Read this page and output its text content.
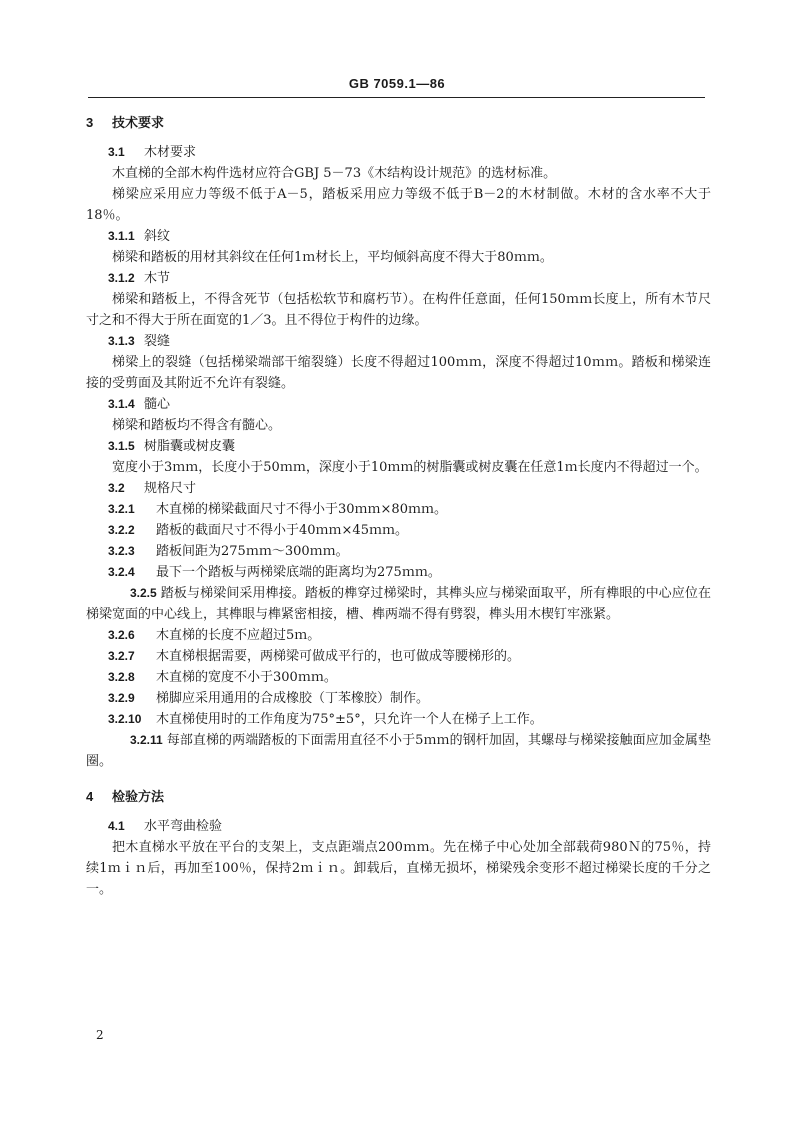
GB 7059.1—86
3 技术要求
3.1 木材要求
木直梯的全部木构件选材应符合GBJ 5－73《木结构设计规范》的选材标准。
梯梁应采用应力等级不低于A－5，踏板采用应力等级不低于B－2的木材制做。木材的含水率不大于18％。
3.1.1 斜纹
梯梁和踏板的用材其斜纹在任何1ｍ材长上，平均倾斜高度不得大于80ｍｍ。
3.1.2 木节
梯梁和踏板上，不得含死节（包括松软节和腐朽节）。在构件任意面，任何150ｍｍ长度上，所有木节尺寸之和不得大于所在面宽的1／3。且不得位于构件的边缘。
3.1.3 裂缝
梯梁上的裂缝（包括梯梁端部干缩裂缝）长度不得超过100ｍｍ，深度不得超过10ｍｍ。踏板和梯梁连接的受剪面及其附近不允许有裂缝。
3.1.4 髓心
梯梁和踏板均不得含有髓心。
3.1.5 树脂囊或树皮囊
宽度小于3ｍｍ，长度小于50ｍｍ，深度小于10ｍｍ的树脂囊或树皮囊在任意1ｍ长度内不得超过一个。
3.2 规格尺寸
3.2.1 木直梯的梯梁截面尺寸不得小于30ｍｍ×80ｍｍ。
3.2.2 踏板的截面尺寸不得小于40ｍｍ×45ｍｍ。
3.2.3 踏板间距为275ｍｍ～300ｍｍ。
3.2.4 最下一个踏板与两梯梁底端的距离均为275ｍｍ。
3.2.5 踏板与梯梁间采用榫接。踏板的榫穿过梯梁时，其榫头应与梯梁面取平，所有榫眼的中心应位在梯梁宽面的中心线上，其榫眼与榫紧密相接，槽、榫两端不得有劈裂，榫头用木楔钉牢涨紧。
3.2.6 木直梯的长度不应超过5ｍ。
3.2.7 木直梯根据需要，两梯梁可做成平行的，也可做成等腰梯形的。
3.2.8 木直梯的宽度不小于300ｍｍ。
3.2.9 梯脚应采用通用的合成橡胶（丁苯橡胶）制作。
3.2.10 木直梯使用时的工作角度为75°±5°，只允许一个人在梯子上工作。
3.2.11 每部直梯的两端踏板的下面需用直径不小于5ｍｍ的钢杆加固，其螺母与梯梁接触面应加金属垫圈。
4 检验方法
4.1 水平弯曲检验
把木直梯水平放在平台的支架上，支点距端点200ｍｍ。先在梯子中心处加全部载荷980Ｎ的75％，持续1ｍｉｎ后，再加至100％，保持2ｍｉｎ。卸载后，直梯无损坏，梯梁残余变形不超过梯梁长度的千分之一。
2
